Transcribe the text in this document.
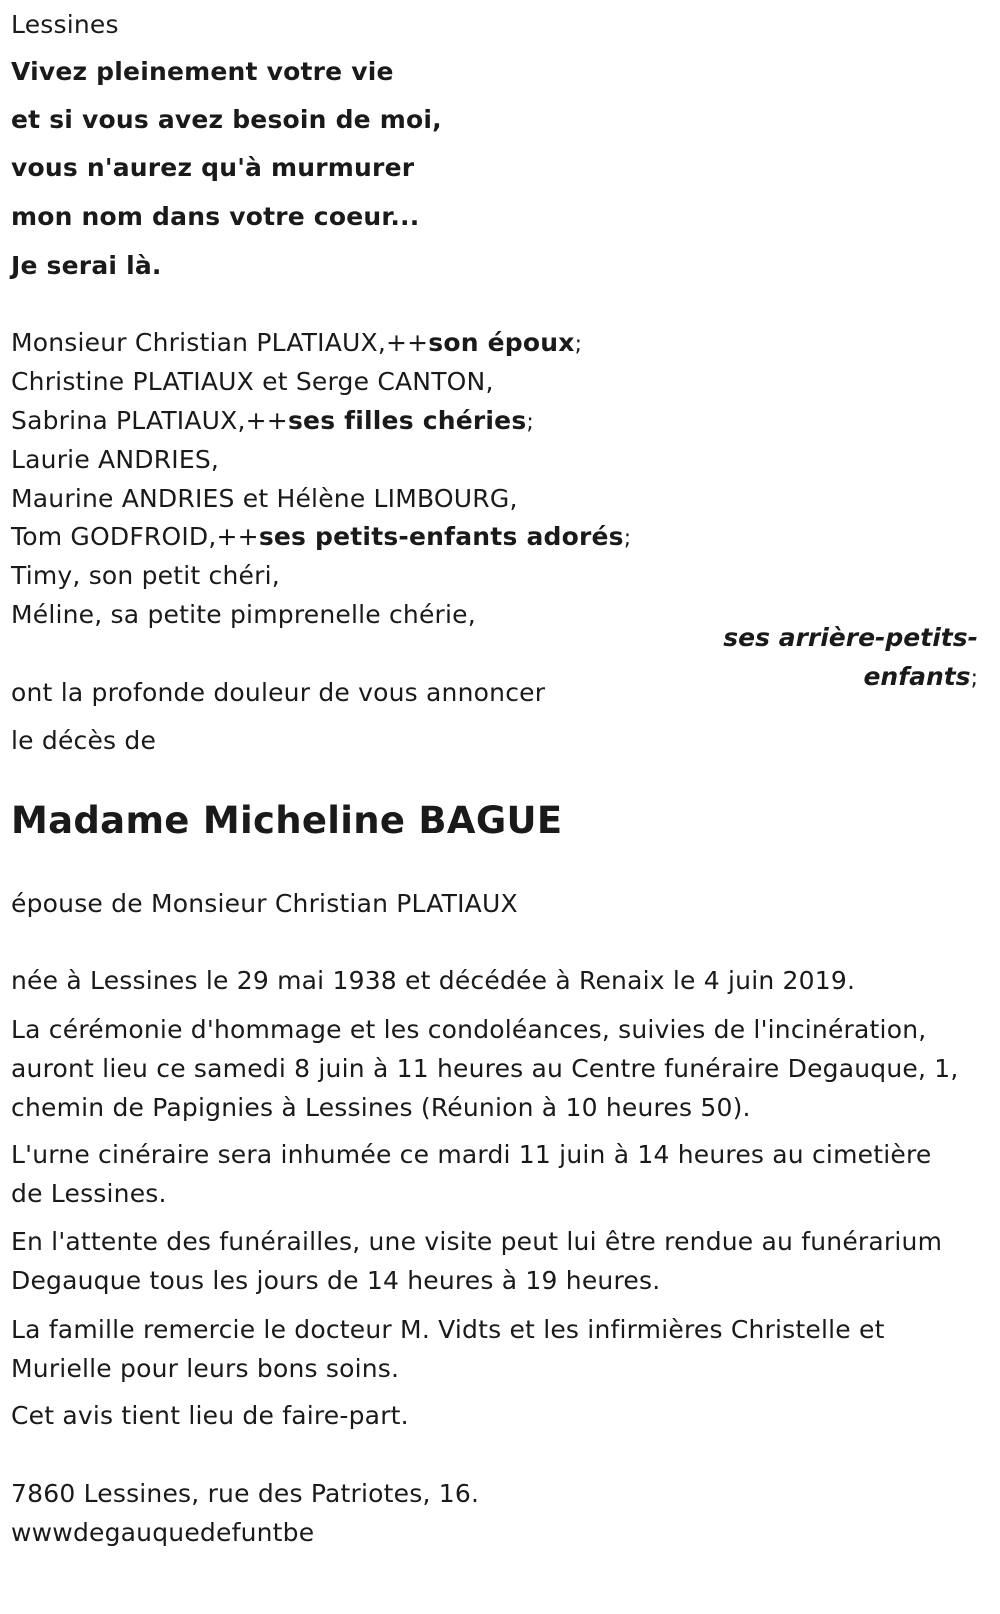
Lessines
Vivez pleinement votre vie
et si vous avez besoin de moi,
vous n'aurez qu'à murmurer
mon nom dans votre coeur...
Je serai là.
Monsieur Christian PLATIAUX,++son époux;
Christine PLATIAUX et Serge CANTON,
Sabrina PLATIAUX,++ses filles chéries;
Laurie ANDRIES,
Maurine ANDRIES et Hélène LIMBOURG,
Tom GODFROID,++ses petits-enfants adorés;
Timy, son petit chéri,
Méline, sa petite pimprenelle chérie,
ses arrière-petits-
enfants;
ont la profonde douleur de vous annoncer
le décès de
Madame Micheline BAGUE
épouse de Monsieur Christian PLATIAUX
née à Lessines le 29 mai 1938 et décédée à Renaix le 4 juin 2019.
La cérémonie d'hommage et les condoléances, suivies de l'incinération,
auront lieu ce samedi 8 juin à 11 heures au Centre funéraire Degauque, 1,
chemin de Papignies à Lessines (Réunion à 10 heures 50).
L'urne cinéraire sera inhumée ce mardi 11 juin à 14 heures au cimetière
de Lessines.
En l'attente des funérailles, une visite peut lui être rendue au funérarium
Degauque tous les jours de 14 heures à 19 heures.
La famille remercie le docteur M. Vidts et les infirmières Christelle et
Murielle pour leurs bons soins.
Cet avis tient lieu de faire-part.
7860 Lessines, rue des Patriotes, 16.
wwwdegauquedefuntbe
